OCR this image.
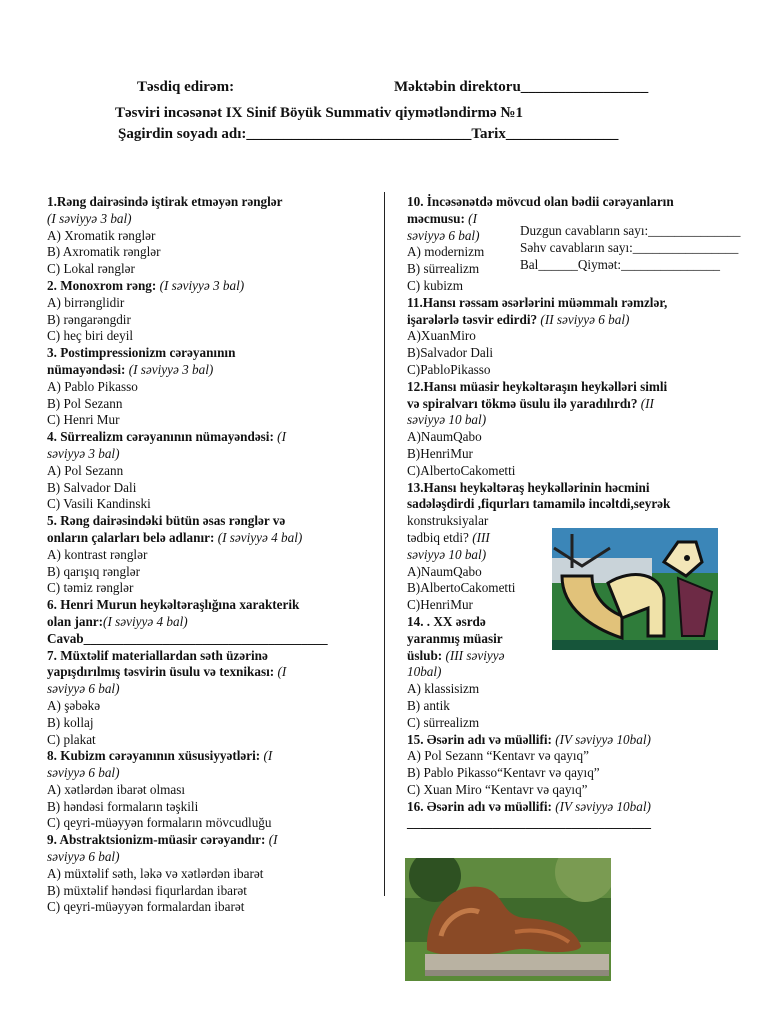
Təsdiq edirəm:	Məktəbin direktoru_________________
Təsviri incəsənət IX Sinif Böyük Summativ qiymətləndirmə №1
Şagirdin soyadı adı:______________________________Tarix_______________
1.Rəng dairəsində iştirak etməyən rənglər
(I səviyyə 3 bal)
A) Xromatik rənglər
B) Axromatik rənglər
C) Lokal rənglər
2. Monoxrom rəng: (I səviyyə 3 bal)
A) birrənglidir
B) rəngarəngdir
C) heç biri deyil
3. Postimpressionizm cərəyanının
nümayəndəsi: (I səviyyə 3 bal)
A) Pablo Pikasso
B) Pol Sezann
C) Henri Mur
4. Sürrealizm cərəyanının nümayəndəsi: (I
səviyyə 3 bal)
A) Pol Sezann
B) Salvador Dali
C) Vasili Kandinski
5. Rəng dairəsindəki bütün əsas rənglər və
onların çalarları belə adlanır: (I səviyyə 4 bal)
A) kontrast rənglər
B) qarışıq rənglər
C) təmiz rənglər
6. Henri Murun heykəltəraşlığına xarakterik
olan janr:(I səviyyə 4 bal)
Cavab_____________________________________
7. Müxtəlif materiallardan səth üzərinə
yapışdırılmış təsvirin üsulu və texnikası: (I
səviyyə 6 bal)
A) şəbəkə
B) kollaj
C) plakat
8. Kubizm cərəyanının xüsusiyyətləri: (I
səviyyə 6 bal)
A) xətlərdən ibarət olması
B) həndəsi formaların təşkili
C) qeyri-müəyyən formaların mövcudluğu
9. Abstraktsionizm-müasir cərəyandır: (I
səviyyə 6 bal)
A) müxtəlif səth, ləkə və xətlərdən ibarət
B) müxtəlif həndəsi fiqurlardan ibarət
C) qeyri-müəyyən formalardan ibarət
10. İncəsənətdə mövcud olan bədii cərəyanların
məcmusu: (I
səviyyə 6 bal)
A) modernizm
B) sürrealizm
C) kubizm
11.Hansı rəssam əsərlərini müəmmalı rəmzlər,
işarələrlə təsvir edirdi? (II səviyyə 6 bal)
A)XuanMiro
B)Salvador Dali
C)PabloPikasso
12.Hansı müasir heykəltəraşın heykəlləri simli
və spiralvarı tökmə üsulu ilə yaradılırdı? (II
səviyyə 10 bal)
A)NaumQabo
B)HenriMur
C)AlbertoCakometti
13.Hansı heykəltəraş heykəllərinin həcmini
sadələşdirdi ,fiqurları tamamilə incəltdi,seyrək
konstruksiyalar
tədbiq etdi? (III
səviyyə 10 bal)
A)NaumQabo
B)AlbertoCakometti
C)HenriMur
14. . XX əsrdə
yaranmış müasir
üslub: (III səviyyə
10bal)
A) klassisizm
B) antik
C) sürrealizm
15. Əsərin adı və müəllifi: (IV səviyyə 10bal)
A) Pol Sezann “Kentavr və qayıq”
B) Pablo Pikasso“Kentavr və qayıq”
C) Xuan Miro “Kentavr və qayıq”
16. Əsərin adı və müəllifi: (IV səviyyə 10bal)
_____________________________________
Duzgun cavabların sayı:______________
Səhv cavabların sayı:________________
Bal______Qiymət:_______________
